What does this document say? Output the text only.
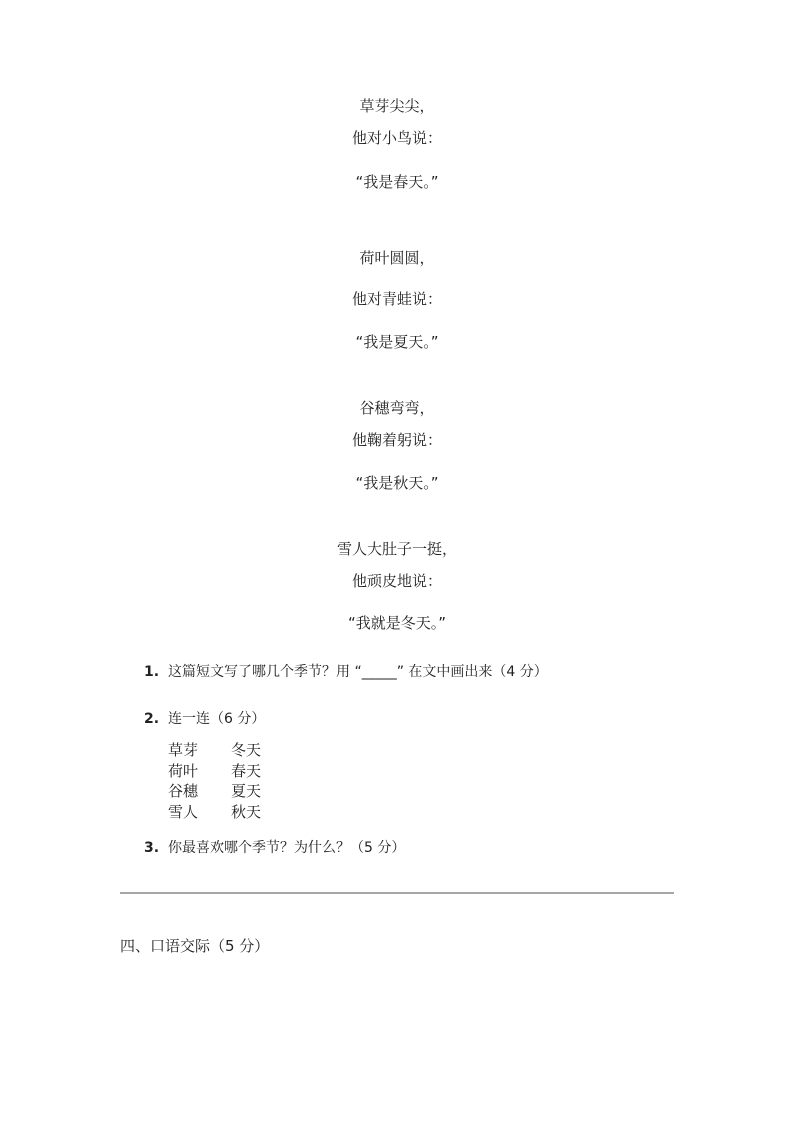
草芽尖尖，
他对小鸟说：
“我是春天。”
荷叶圆圆，
他对青蛙说：
“我是夏天。”
谷穗弯弯，
他鞠着躬说：
“我是秋天。”
雪人大肚子一挺，
他顽皮地说：
“我就是冬天。”
1. 这篇短文写了哪几个季节？用 “_____” 在文中画出来（4 分）
2. 连一连（6 分）
草芽 冬天
荷叶 春天
谷穗 夏天
雪人 秋天
3. 你最喜欢哪个季节？为什么？（5 分）
四、口语交际（5 分）
